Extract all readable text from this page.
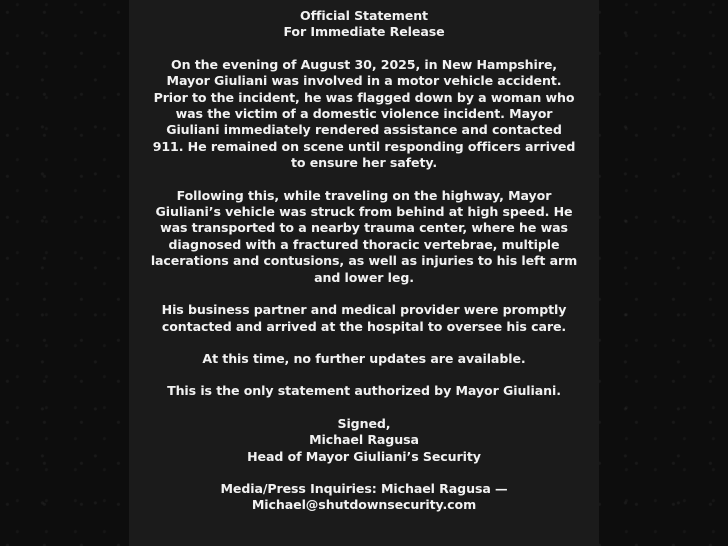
Official Statement
For Immediate Release
On the evening of August 30, 2025, in New Hampshire, Mayor Giuliani was involved in a motor vehicle accident. Prior to the incident, he was flagged down by a woman who was the victim of a domestic violence incident. Mayor Giuliani immediately rendered assistance and contacted 911. He remained on scene until responding officers arrived to ensure her safety.
Following this, while traveling on the highway, Mayor Giuliani’s vehicle was struck from behind at high speed. He was transported to a nearby trauma center, where he was diagnosed with a fractured thoracic vertebrae, multiple lacerations and contusions, as well as injuries to his left arm and lower leg.
His business partner and medical provider were promptly contacted and arrived at the hospital to oversee his care.
At this time, no further updates are available.
This is the only statement authorized by Mayor Giuliani.
Signed,
Michael Ragusa
Head of Mayor Giuliani’s Security
Media/Press Inquiries: Michael Ragusa —
Michael@shutdownsecurity.com
